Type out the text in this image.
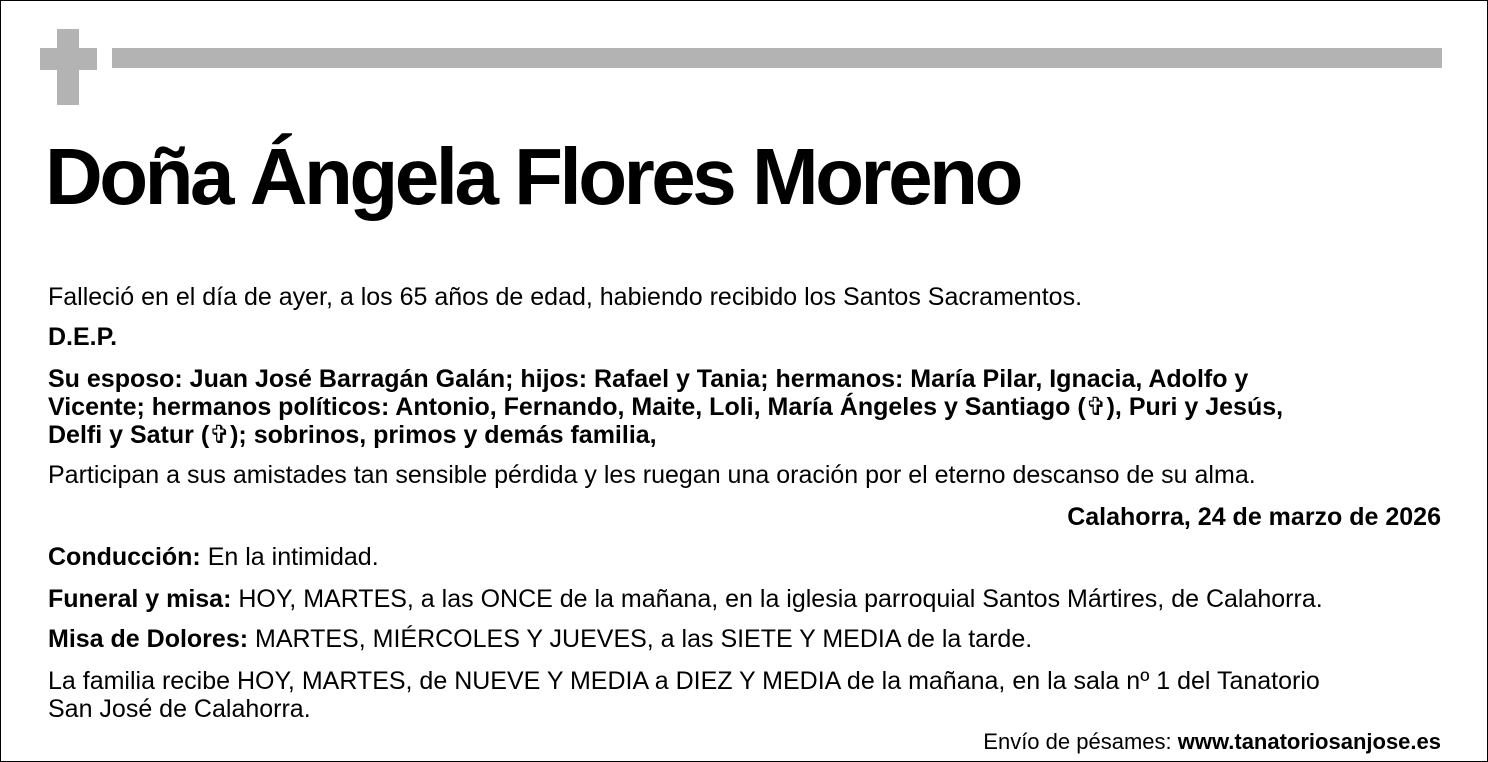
Doña Ángela Flores Moreno
Falleció en el día de ayer, a los 65 años de edad, habiendo recibido los Santos Sacramentos.
D.E.P.
Su esposo: Juan José Barragán Galán; hijos: Rafael y Tania; hermanos: María Pilar, Ignacia, Adolfo y
Vicente; hermanos políticos: Antonio, Fernando, Maite, Loli, María Ángeles y Santiago (✞), Puri y Jesús,
Delfi y Satur (✞); sobrinos, primos y demás familia,
Participan a sus amistades tan sensible pérdida y les ruegan una oración por el eterno descanso de su alma.
Calahorra, 24 de marzo de 2026
Conducción: En la intimidad.
Funeral y misa: HOY, MARTES, a las ONCE de la mañana, en la iglesia parroquial Santos Mártires, de Calahorra.
Misa de Dolores: MARTES, MIÉRCOLES Y JUEVES, a las SIETE Y MEDIA de la tarde.
La familia recibe HOY, MARTES, de NUEVE Y MEDIA a DIEZ Y MEDIA de la mañana, en la sala nº 1 del Tanatorio
San José de Calahorra.
Envío de pésames: www.tanatoriosanjose.es
